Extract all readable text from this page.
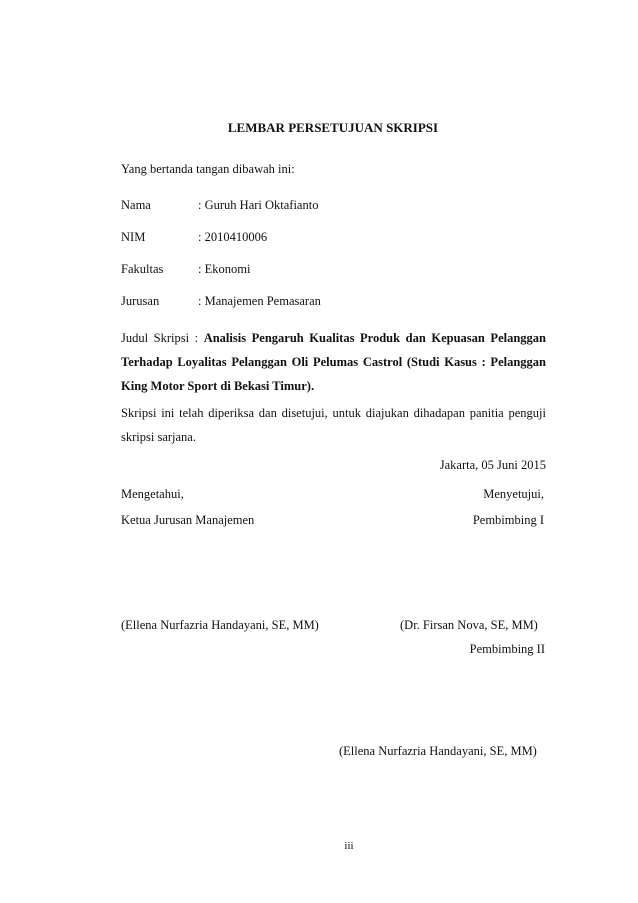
LEMBAR PERSETUJUAN SKRIPSI
Yang bertanda tangan dibawah ini:
Nama	: Guruh Hari Oktafianto
NIM	: 2010410006
Fakultas	: Ekonomi
Jurusan	: Manajemen Pemasaran
Judul Skripsi : Analisis Pengaruh Kualitas Produk dan Kepuasan Pelanggan Terhadap Loyalitas Pelanggan Oli Pelumas Castrol (Studi Kasus : Pelanggan King Motor Sport di Bekasi Timur).
Skripsi ini telah diperiksa dan disetujui, untuk diajukan dihadapan panitia penguji skripsi sarjana.
Jakarta, 05 Juni 2015
Mengetahui,	Menyetujui,
Ketua Jurusan Manajemen	Pembimbing I
(Ellena Nurfazria Handayani, SE, MM)	(Dr. Firsan Nova, SE, MM)
Pembimbing II
(Ellena Nurfazria Handayani, SE, MM)
iii
